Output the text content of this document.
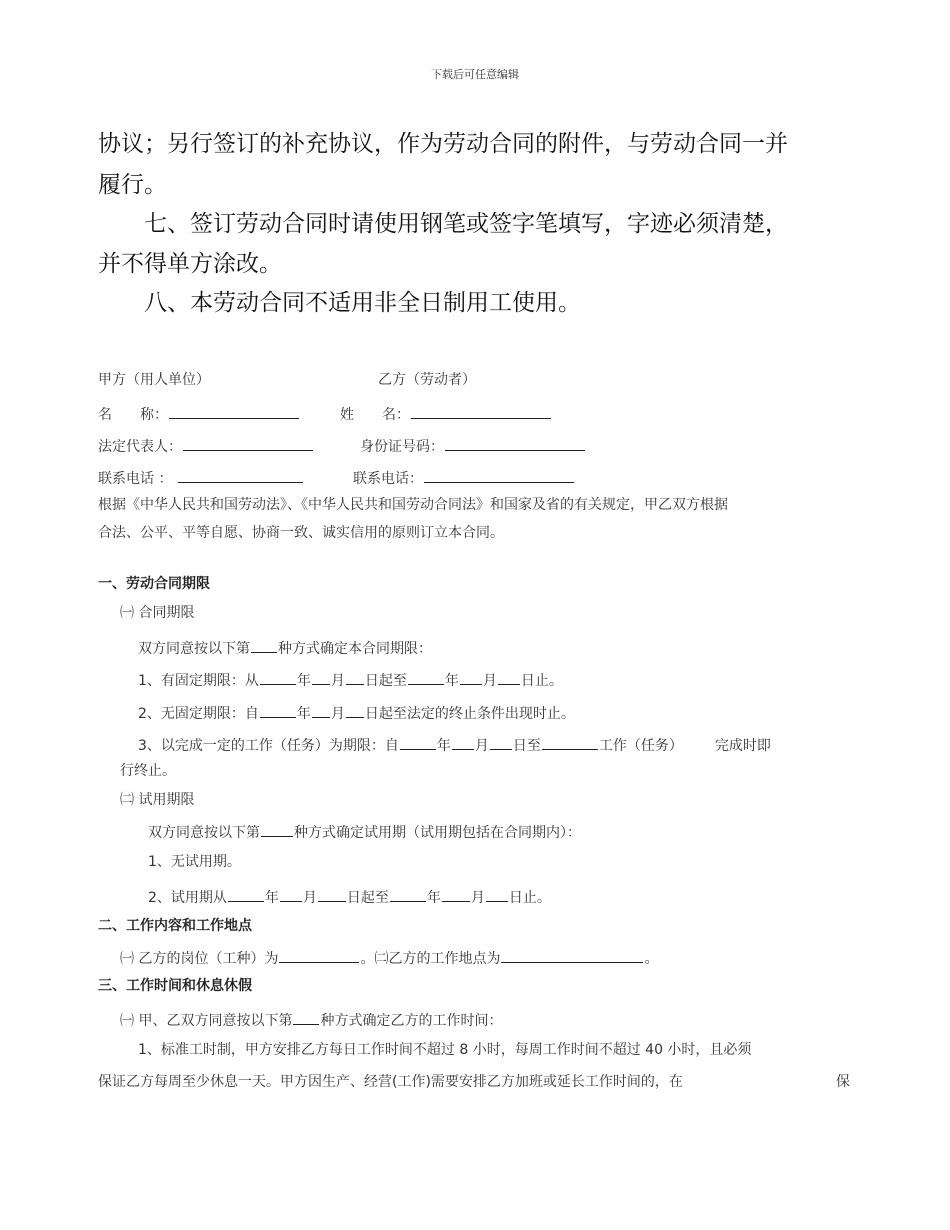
下载后可任意编辑
协议；另行签订的补充协议，作为劳动合同的附件，与劳动合同一并
履行。
七、签订劳动合同时请使用钢笔或签字笔填写，字迹必须清楚，
并不得单方涂改。
八、本劳动合同不适用非全日制用工使用。
甲方（用人单位）	乙方（劳动者）
名　　称：	姓　　名：
法定代表人：	身份证号码：
联系电话 ：	联系电话：
根据《中华人民共和国劳动法》、《中华人民共和国劳动合同法》和国家及省的有关规定，甲乙双方根据
合法、公平、平等自愿、协商一致、诚实信用的原则订立本合同。
一、劳动合同期限
㈠ 合同期限
双方同意按以下第 种方式确定本合同期限：
1、有固定期限：从	年 月 日起至	年 月 日止。
2、无固定期限：自	年 月 日起至法定的终止条件出现时止。
3、以完成一定的工作（任务）为期限：自	年 月 日至	工作（任务） 完成时即
行终止。
㈡ 试用期限
双方同意按以下第 种方式确定试用期（试用期包括在合同期内）：
1、无试用期。
2、试用期从	年 月 日起至	年 月 日止。
二、工作内容和工作地点
㈠ 乙方的岗位（工种）为	。㈡乙方的工作地点为	。
三、工作时间和休息休假
㈠ 甲、乙双方同意按以下第 种方式确定乙方的工作时间：
1、标准工时制，甲方安排乙方每日工作时间不超过 8 小时，每周工作时间不超过 40 小时，且必须
保证乙方每周至少休息一天。甲方因生产、经营(工作)需要安排乙方加班或延长工作时间的，在	保
